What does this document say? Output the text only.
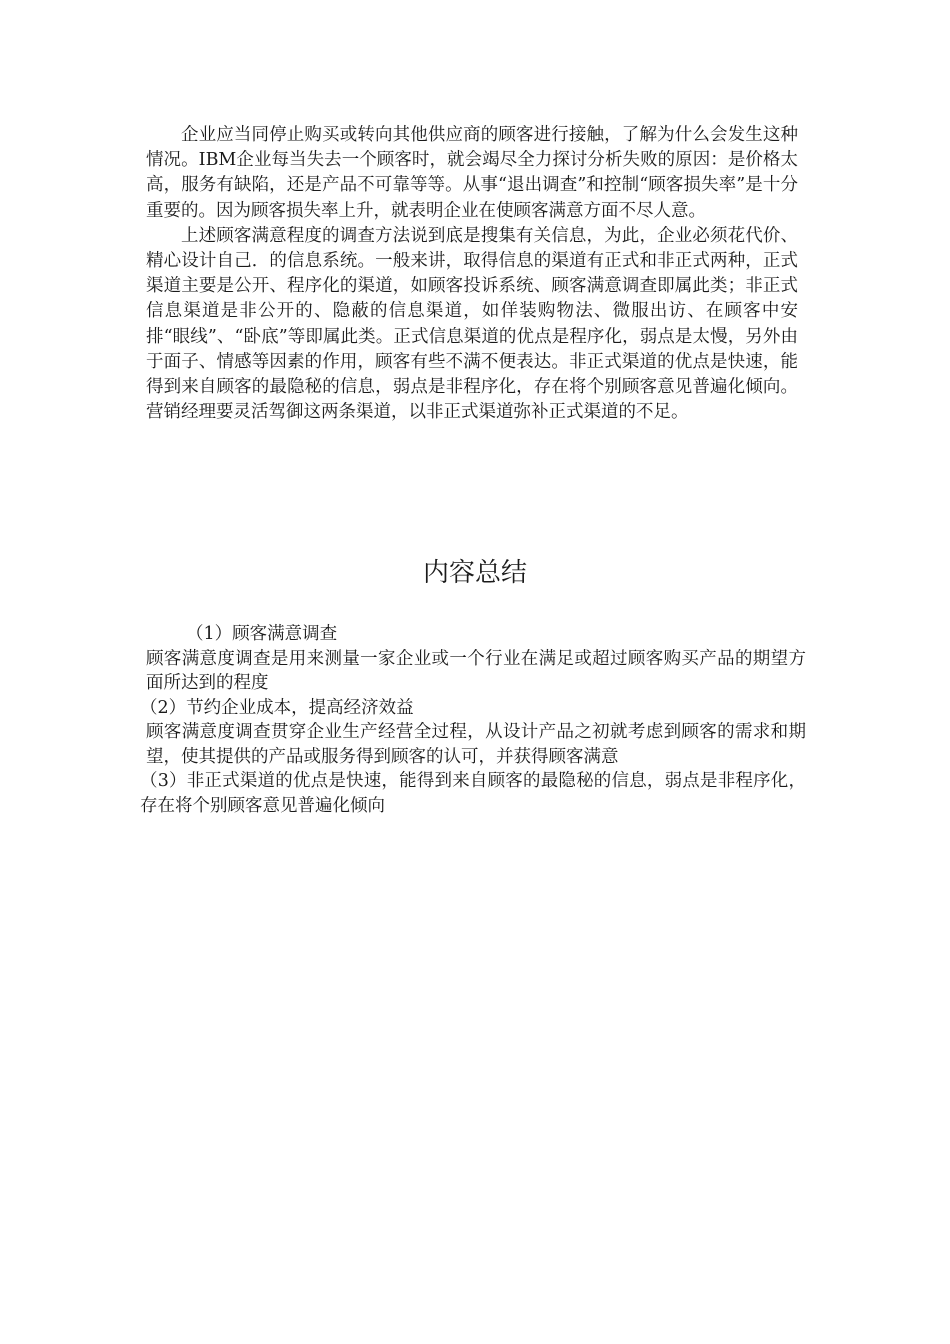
企业应当同停止购买或转向其他供应商的顾客进行接触，了解为什么会发生这种情况。IBM企业每当失去一个顾客时，就会竭尽全力探讨分析失败的原因：是价格太高，服务有缺陷，还是产品不可靠等等。从事“退出调查”和控制“顾客损失率”是十分重要的。因为顾客损失率上升，就表明企业在使顾客满意方面不尽人意。

上述顾客满意程度的调查方法说到底是搜集有关信息，为此，企业必须花代价、精心设计自己．的信息系统。一般来讲，取得信息的渠道有正式和非正式两种，正式渠道主要是公开、程序化的渠道，如顾客投诉系统、顾客满意调查即属此类；非正式信息渠道是非公开的、隐蔽的信息渠道，如佯装购物法、微服出访、在顾客中安排“眼线”、“卧底”等即属此类。正式信息渠道的优点是程序化，弱点是太慢，另外由于面子、情感等因素的作用，顾客有些不满不便表达。非正式渠道的优点是快速，能得到来自顾客的最隐秘的信息，弱点是非程序化，存在将个别顾客意见普遍化倾向。营销经理要灵活驾御这两条渠道，以非正式渠道弥补正式渠道的不足。

内容总结

（1）顾客满意调查

顾客满意度调查是用来测量一家企业或一个行业在满足或超过顾客购买产品的期望方面所达到的程度

（2）节约企业成本，提高经济效益

顾客满意度调查贯穿企业生产经营全过程，从设计产品之初就考虑到顾客的需求和期望，使其提供的产品或服务得到顾客的认可，并获得顾客满意

（3）非正式渠道的优点是快速，能得到来自顾客的最隐秘的信息，弱点是非程序化，存在将个别顾客意见普遍化倾向
